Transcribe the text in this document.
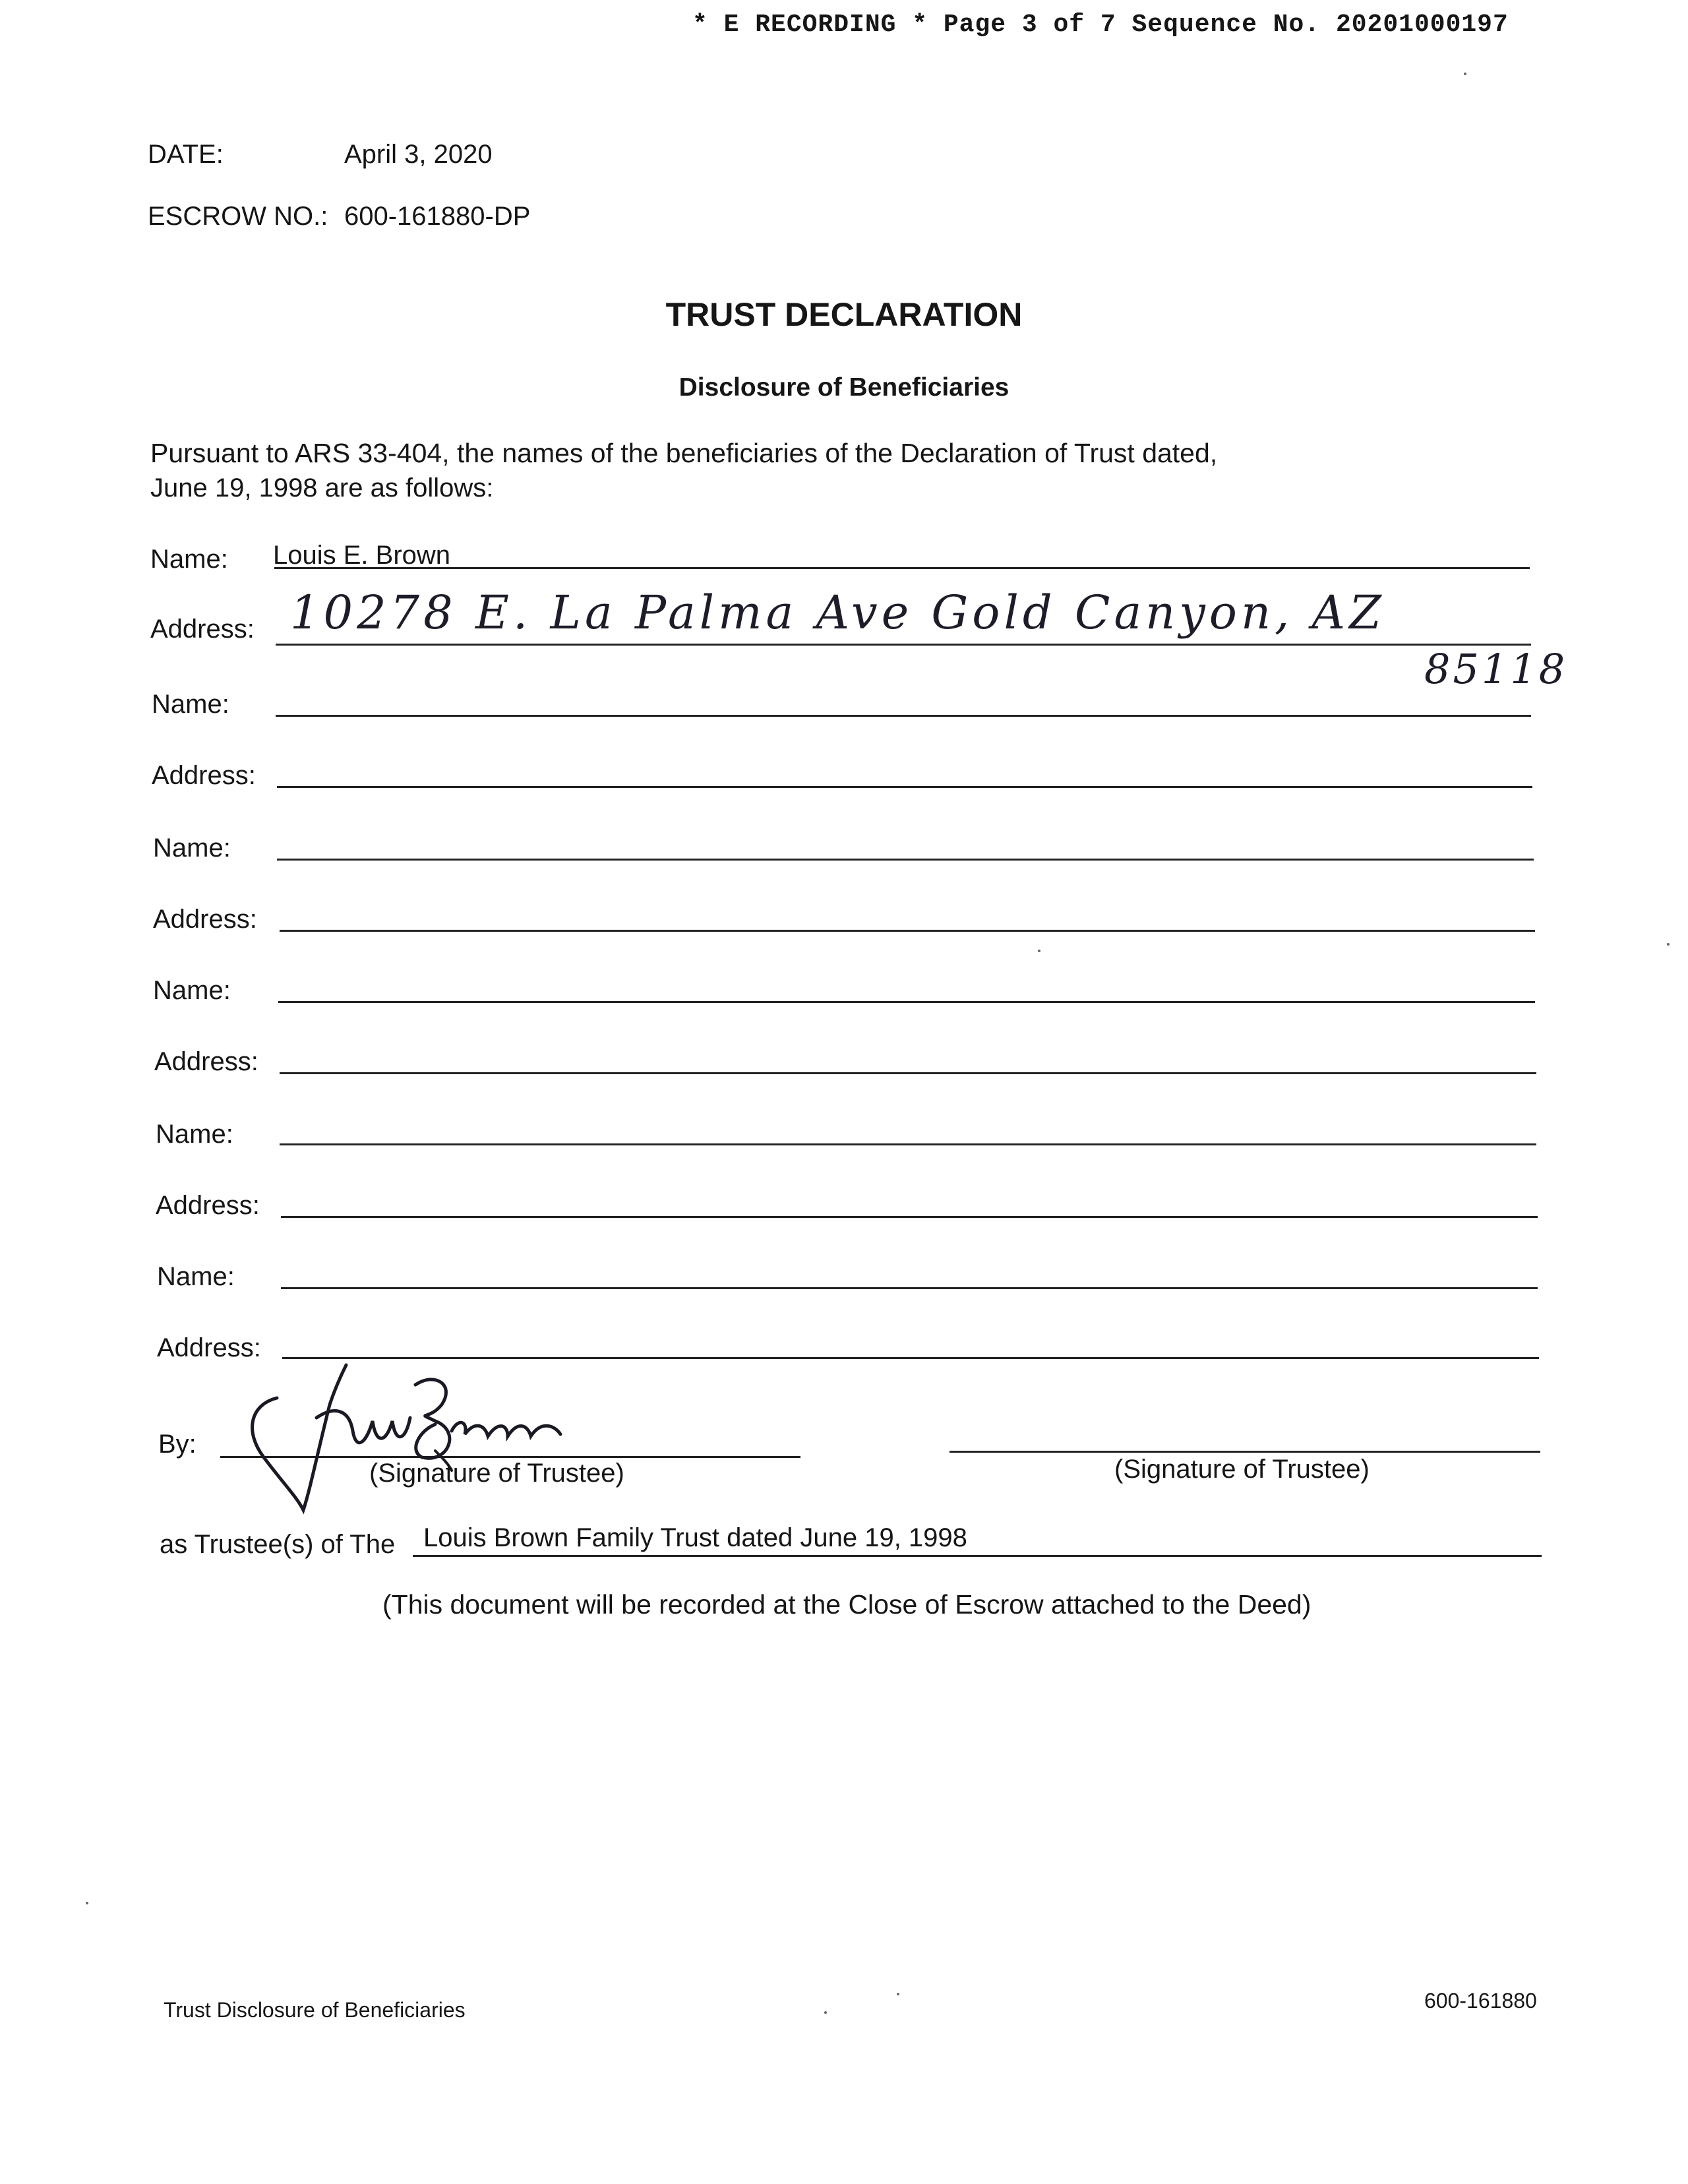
* E RECORDING * Page 3 of 7 Sequence No. 20201000197
DATE:	April 3, 2020
ESCROW NO.: 600-161880-DP
TRUST DECLARATION
Disclosure of Beneficiaries
Pursuant to ARS 33-404, the names of the beneficiaries of the Declaration of Trust dated,
June 19, 1998 are as follows:
Name: Louis E. Brown
Address: 10278 E. La Palma Ave Gold Canyon, AZ
85118
Name:
Address:
Name:
Address:
Name:
Address:
Name:
Address:
Name:
Address:
By:
(Signature of Trustee)	(Signature of Trustee)
as Trustee(s) of The Louis Brown Family Trust dated June 19, 1998
(This document will be recorded at the Close of Escrow attached to the Deed)
Trust Disclosure of Beneficiaries	600-161880
